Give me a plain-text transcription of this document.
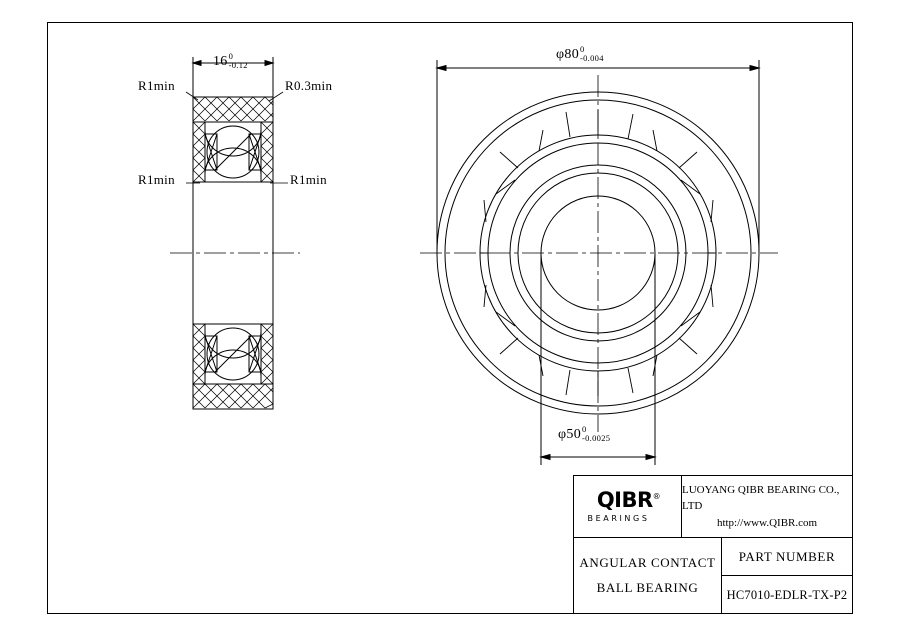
16 0
-0.12
R1min	R0.3min
R1min	R1min
φ80 0
-0.004
φ50 0
-0.0025
QIBR®
BEARINGS
LUOYANG QIBR BEARING CO., LTD
http://www.QIBR.com
ANGULAR CONTACT
BALL BEARING
PART NUMBER
HC7010-EDLR-TX-P2
